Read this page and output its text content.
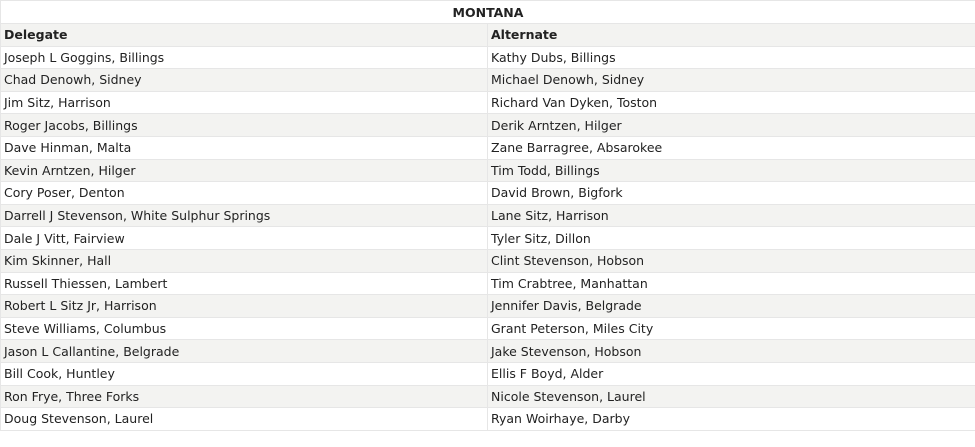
MONTANA	
Delegate	Alternate
Joseph L Goggins, Billings	Kathy Dubs, Billings
Chad Denowh, Sidney	Michael Denowh, Sidney
Jim Sitz, Harrison	Richard Van Dyken, Toston
Roger Jacobs, Billings	Derik Arntzen, Hilger
Dave Hinman, Malta	Zane Barragree, Absarokee
Kevin Arntzen, Hilger	Tim Todd, Billings
Cory Poser, Denton	David Brown, Bigfork
Darrell J Stevenson, White Sulphur Springs	Lane Sitz, Harrison
Dale J Vitt, Fairview	Tyler Sitz, Dillon
Kim Skinner, Hall	Clint Stevenson, Hobson
Russell Thiessen, Lambert	Tim Crabtree, Manhattan
Robert L Sitz Jr, Harrison	Jennifer Davis, Belgrade
Steve Williams, Columbus	Grant Peterson, Miles City
Jason L Callantine, Belgrade	Jake Stevenson, Hobson
Bill Cook, Huntley	Ellis F Boyd, Alder
Ron Frye, Three Forks	Nicole Stevenson, Laurel
Doug Stevenson, Laurel	Ryan Woirhaye, Darby
